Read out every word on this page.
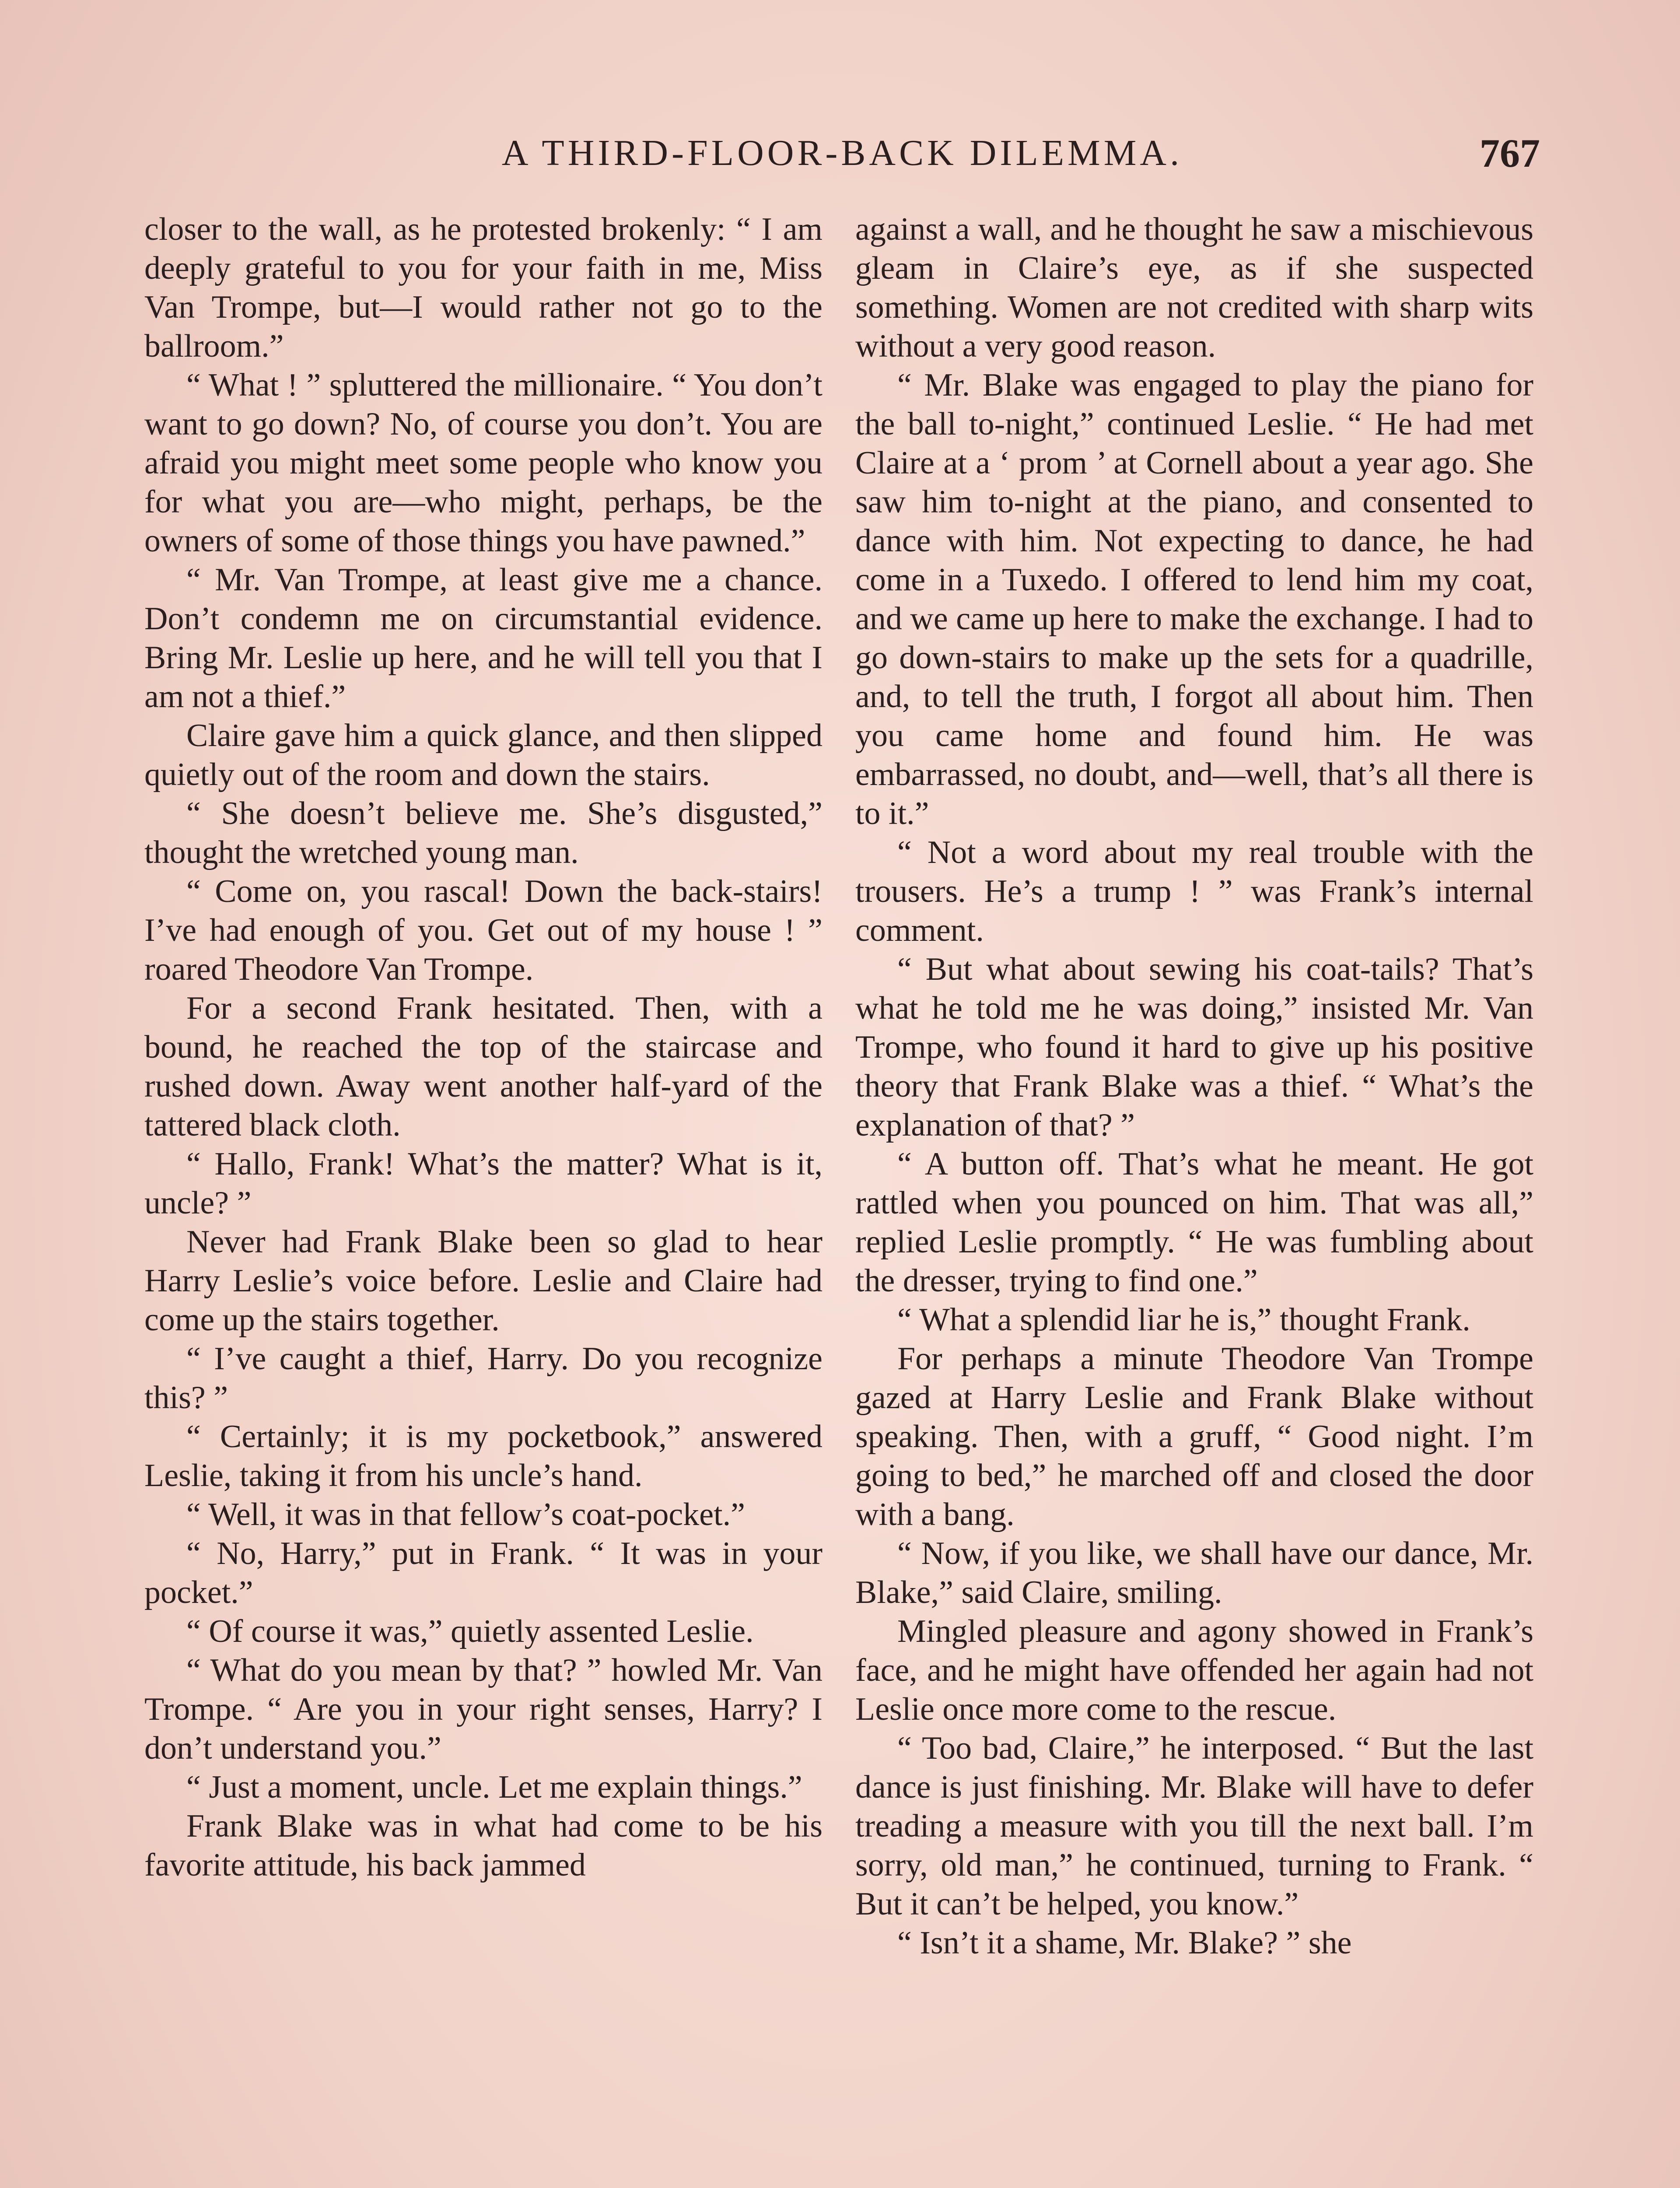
A THIRD-FLOOR-BACK DILEMMA.	767

closer to the wall, as he protested brokenly: “ I am deeply grateful to you for your faith in me, Miss Van Trompe, but—I would rather not go to the ballroom.”

“ What ! ” spluttered the millionaire. “ You don’t want to go down? No, of course you don’t. You are afraid you might meet some people who know you for what you are—who might, perhaps, be the owners of some of those things you have pawned.”

“ Mr. Van Trompe, at least give me a chance. Don’t condemn me on circumstantial evidence. Bring Mr. Leslie up here, and he will tell you that I am not a thief.”

Claire gave him a quick glance, and then slipped quietly out of the room and down the stairs.

“ She doesn’t believe me. She’s disgusted,” thought the wretched young man.

“ Come on, you rascal! Down the back-stairs! I’ve had enough of you. Get out of my house ! ” roared Theodore Van Trompe.

For a second Frank hesitated. Then, with a bound, he reached the top of the staircase and rushed down. Away went another half-yard of the tattered black cloth.

“ Hallo, Frank! What’s the matter? What is it, uncle? ”

Never had Frank Blake been so glad to hear Harry Leslie’s voice before. Leslie and Claire had come up the stairs together.

“ I’ve caught a thief, Harry. Do you recognize this? ”

“ Certainly; it is my pocketbook,” answered Leslie, taking it from his uncle’s hand.

“ Well, it was in that fellow’s coat-pocket.”

“ No, Harry,” put in Frank. “ It was in your pocket.”

“ Of course it was,” quietly assented Leslie.

“ What do you mean by that? ” howled Mr. Van Trompe. “ Are you in your right senses, Harry? I don’t understand you.”

“ Just a moment, uncle. Let me explain things.”

Frank Blake was in what had come to be his favorite attitude, his back jammed

against a wall, and he thought he saw a mischievous gleam in Claire’s eye, as if she suspected something. Women are not credited with sharp wits without a very good reason.

“ Mr. Blake was engaged to play the piano for the ball to-night,” continued Leslie. “ He had met Claire at a ‘ prom ’ at Cornell about a year ago. She saw him to-night at the piano, and consented to dance with him. Not expecting to dance, he had come in a Tuxedo. I offered to lend him my coat, and we came up here to make the exchange. I had to go down-stairs to make up the sets for a quadrille, and, to tell the truth, I forgot all about him. Then you came home and found him. He was embarrassed, no doubt, and—well, that’s all there is to it.”

“ Not a word about my real trouble with the trousers. He’s a trump ! ” was Frank’s internal comment.

“ But what about sewing his coat-tails? That’s what he told me he was doing,” insisted Mr. Van Trompe, who found it hard to give up his positive theory that Frank Blake was a thief. “ What’s the explanation of that? ”

“ A button off. That’s what he meant. He got rattled when you pounced on him. That was all,” replied Leslie promptly. “ He was fumbling about the dresser, trying to find one.”

“ What a splendid liar he is,” thought Frank.

For perhaps a minute Theodore Van Trompe gazed at Harry Leslie and Frank Blake without speaking. Then, with a gruff, “ Good night. I’m going to bed,” he marched off and closed the door with a bang.

“ Now, if you like, we shall have our dance, Mr. Blake,” said Claire, smiling.

Mingled pleasure and agony showed in Frank’s face, and he might have offended her again had not Leslie once more come to the rescue.

“ Too bad, Claire,” he interposed. “ But the last dance is just finishing. Mr. Blake will have to defer treading a measure with you till the next ball. I’m sorry, old man,” he continued, turning to Frank. “ But it can’t be helped, you know.”

“ Isn’t it a shame, Mr. Blake? ” she
